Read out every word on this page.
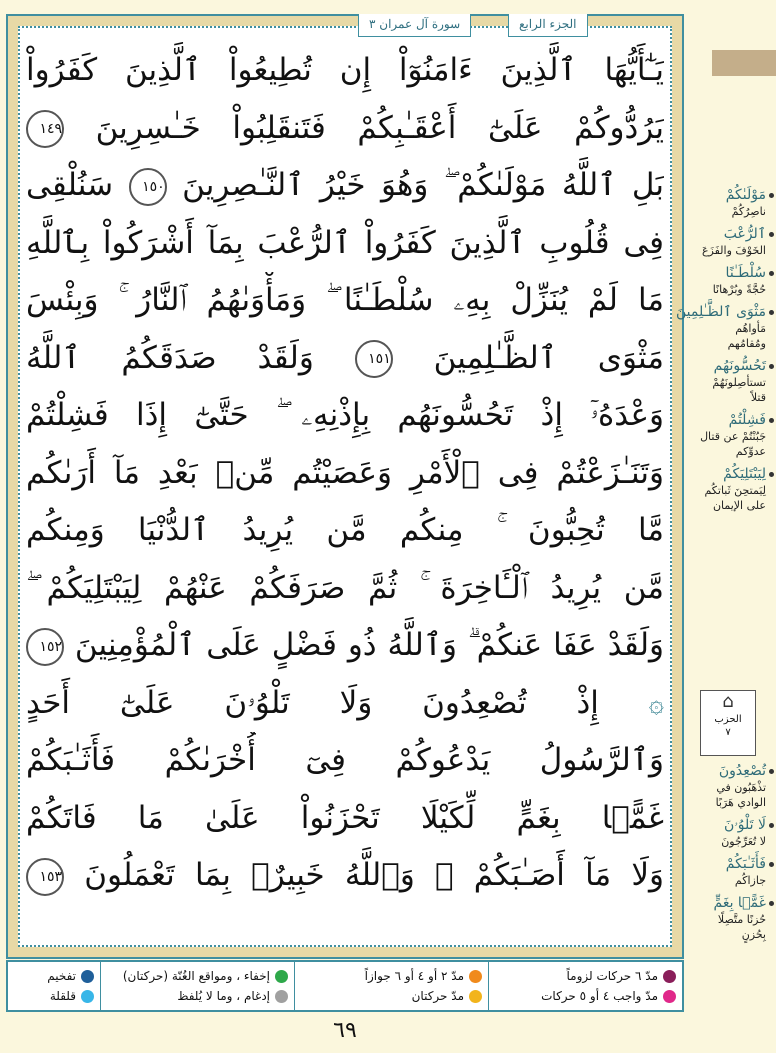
الجزء الرابع
سورة آل عمران ٣
يَـٰٓأَيُّهَا ٱلَّذِينَ ءَامَنُوٓاْ إِن تُطِيعُواْ ٱلَّذِينَ كَفَرُواْ
يَرُدُّوكُمْ عَلَىٰٓ أَعْقَـٰبِكُمْ فَتَنقَلِبُواْ خَـٰسِرِينَ ١٤٩
بَلِ ٱللَّهُ مَوْلَىٰكُمْ ۖ وَهُوَ خَيْرُ ٱلنَّـٰصِرِينَ ١٥٠ سَنُلْقِى
فِى قُلُوبِ ٱلَّذِينَ كَفَرُواْ ٱلرُّعْبَ بِمَآ أَشْرَكُواْ بِٱللَّهِ
مَا لَمْ يُنَزِّلْ بِهِۦ سُلْطَـٰنًا ۖ وَمَأْوَىٰهُمُ ٱلنَّارُ ۚ وَبِئْسَ
مَثْوَى ٱلظَّـٰلِمِينَ ١٥١ وَلَقَدْ صَدَقَكُمُ ٱللَّهُ
وَعْدَهُۥٓ إِذْ تَحُسُّونَهُم بِإِذْنِهِۦ ۖ حَتَّىٰٓ إِذَا فَشِلْتُمْ
وَتَنَـٰزَعْتُمْ فِى ٱلْأَمْرِ وَعَصَيْتُم مِّنۢ بَعْدِ مَآ أَرَىٰكُم
مَّا تُحِبُّونَ ۚ مِنكُم مَّن يُرِيدُ ٱلدُّنْيَا وَمِنكُم
مَّن يُرِيدُ ٱلْـَٔاخِرَةَ ۚ ثُمَّ صَرَفَكُمْ عَنْهُمْ لِيَبْتَلِيَكُمْ ۖ
وَلَقَدْ عَفَا عَنكُمْ ۗ وَٱللَّهُ ذُو فَضْلٍ عَلَى ٱلْمُؤْمِنِينَ ١٥٢
۞ إِذْ تُصْعِدُونَ وَلَا تَلْوُۥنَ عَلَىٰٓ أَحَدٍ
وَٱلرَّسُولُ يَدْعُوكُمْ فِىٓ أُخْرَىٰكُمْ فَأَثَـٰبَكُمْ
غَمًّۢا بِغَمٍّ لِّكَيْلَا تَحْزَنُواْ عَلَىٰ مَا فَاتَكُمْ
وَلَا مَآ أَصَـٰبَكُمْ ۗ وَٱللَّهُ خَبِيرٌۢ بِمَا تَعْمَلُونَ ١٥٣
مَوْلَىٰكُمْ
ناصِرُكُمْ
ٱلرُّعْبَ
الخَوْفَ والفَزَعَ
سُلْطَـٰنًا
حُجَّةً وبُرْهانًا
مَثْوَى ٱلظَّـٰلِمِينَ
مَأواهُم ومُقامُهم
تَحُسُّونَهُم
تستأصِلونَهُمْ قتلاً
فَشِلْتُمْ
جَبُنْتُمْ عن قتال عدوِّكم
لِيَبْتَلِيَكُمْ
لِيَمتحِنَ ثَباتكُم على الإيمان
⌂
الحزب
٧
تُصْعِدُونَ
تذْهَبُون في الوادي هَرَبًا
لَا تَلْوُۥنَ
لا تُعَرِّجُونَ
فَأَثَـٰبَكُمْ
جازاكُم
غَمًّۢا بِغَمٍّ
حُزنًا متَّصِلًا بِحُزنٍ
مدّ ٦ حركات لزوماً
مدّ واجب ٤ أو ٥ حركات
مدّ ٢ أو ٤ أو ٦ جوازاً
مدّ حركتان
إخفاء ، ومواقع الغُنّة (حركتان)
إدغام ، وما لا يُلفظ
تفخيم
قلقلة
٦٩
